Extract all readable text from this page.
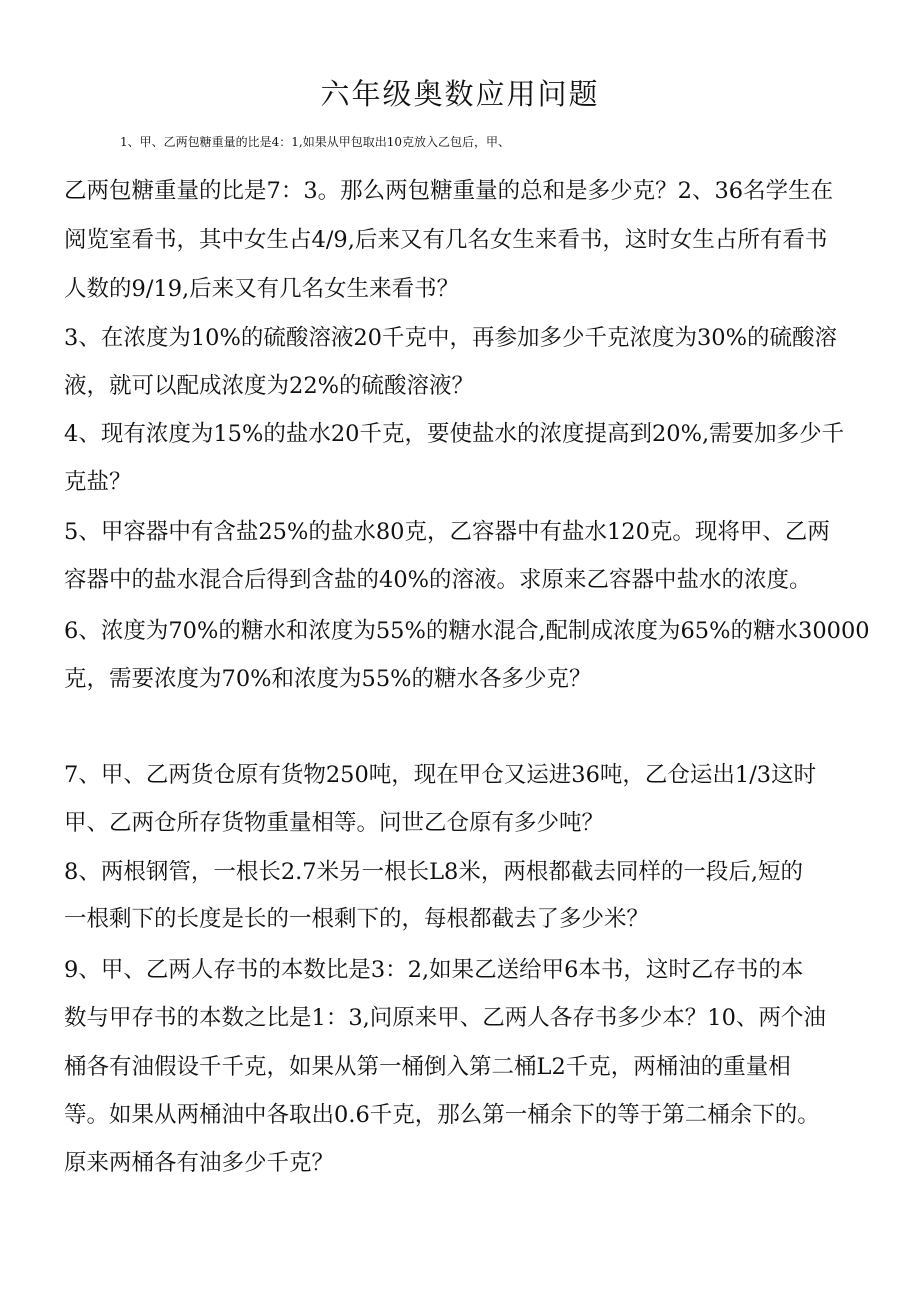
六年级奥数应用问题

1、甲、乙两包糖重量的比是4：1,如果从甲包取出10克放入乙包后，甲、

乙两包糖重量的比是7：3。那么两包糖重量的总和是多少克？2、36名学生在

阅览室看书，其中女生占4/9,后来又有几名女生来看书，这时女生占所有看书

人数的9/19,后来又有几名女生来看书？

3、在浓度为10%的硫酸溶液20千克中，再参加多少千克浓度为30%的硫酸溶

液，就可以配成浓度为22%的硫酸溶液？

4、现有浓度为15%的盐水20千克，要使盐水的浓度提高到20%,需要加多少千

克盐？

5、甲容器中有含盐25%的盐水80克，乙容器中有盐水120克。现将甲、乙两

容器中的盐水混合后得到含盐的40%的溶液。求原来乙容器中盐水的浓度。

6、浓度为70%的糖水和浓度为55%的糖水混合,配制成浓度为65%的糖水30000

克，需要浓度为70%和浓度为55%的糖水各多少克？

7、甲、乙两货仓原有货物250吨，现在甲仓又运进36吨，乙仓运出1/3这时

甲、乙两仓所存货物重量相等。问世乙仓原有多少吨？

8、两根钢管，一根长2.7米另一根长L8米，两根都截去同样的一段后,短的

一根剩下的长度是长的一根剩下的，每根都截去了多少米？

9、甲、乙两人存书的本数比是3：2,如果乙送给甲6本书，这时乙存书的本

数与甲存书的本数之比是1：3,问原来甲、乙两人各存书多少本？10、两个油

桶各有油假设千千克，如果从第一桶倒入第二桶L2千克，两桶油的重量相

等。如果从两桶油中各取出0.6千克，那么第一桶余下的等于第二桶余下的。

原来两桶各有油多少千克？
